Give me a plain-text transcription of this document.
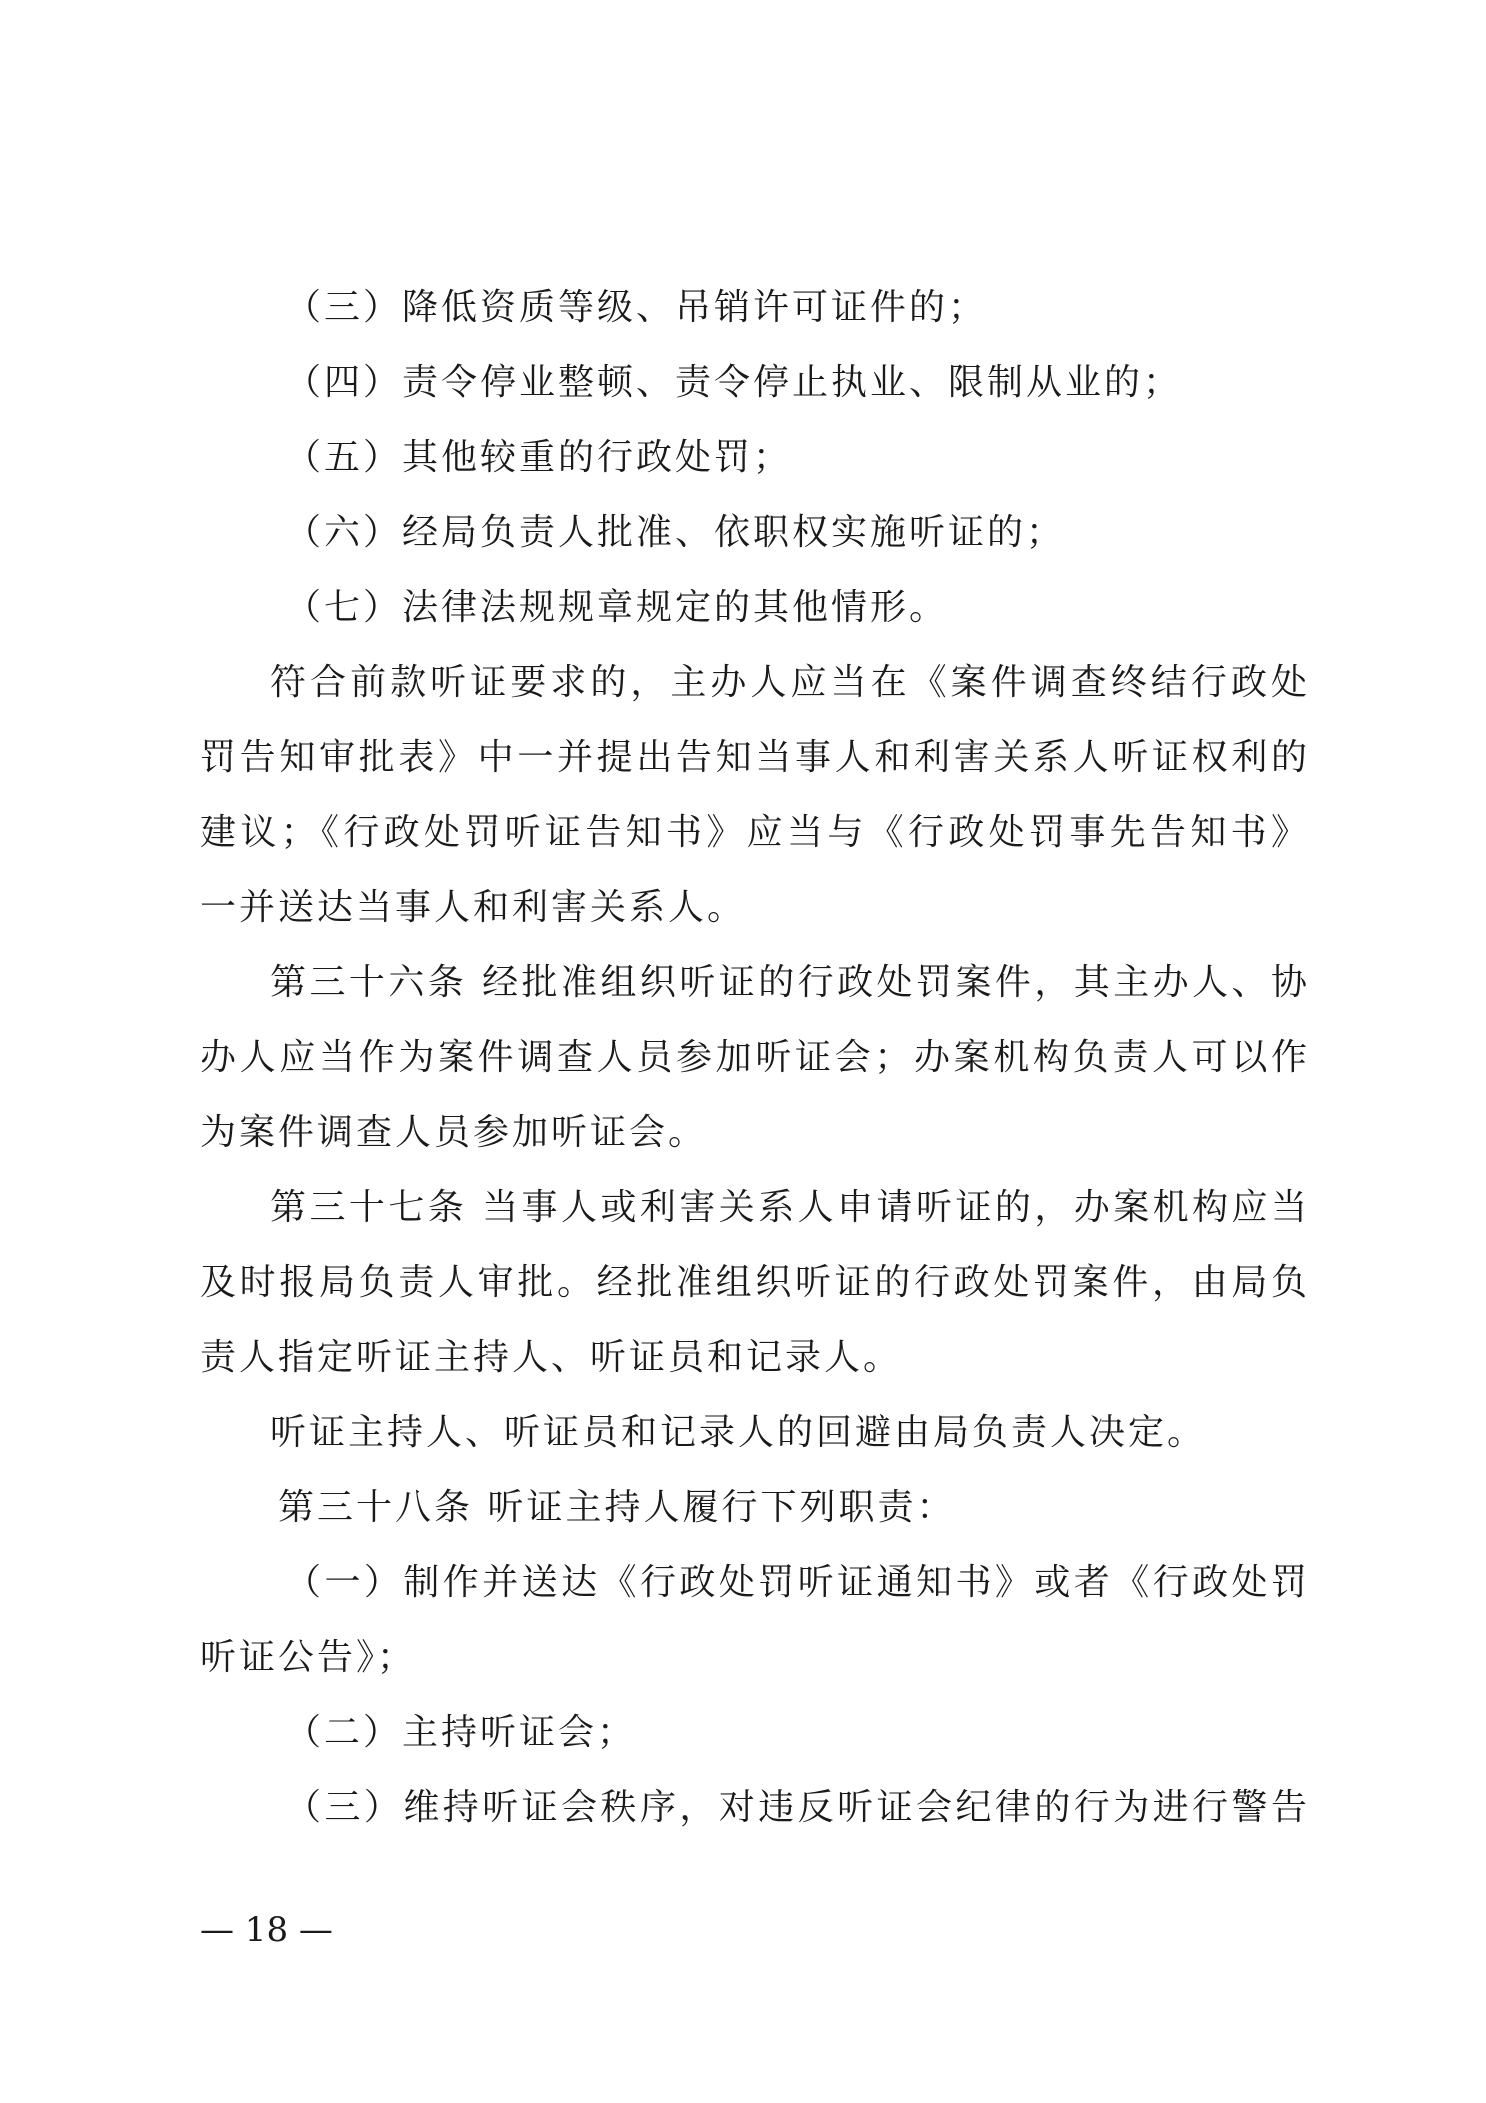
（三）降低资质等级、吊销许可证件的；
（四）责令停业整顿、责令停止执业、限制从业的；
（五）其他较重的行政处罚；
（六）经局负责人批准、依职权实施听证的；
（七）法律法规规章规定的其他情形。
符合前款听证要求的，主办人应当在《案件调查终结行政处
罚告知审批表》中一并提出告知当事人和利害关系人听证权利的
建议；《行政处罚听证告知书》应当与《行政处罚事先告知书》
一并送达当事人和利害关系人。
第三十六条 经批准组织听证的行政处罚案件，其主办人、协
办人应当作为案件调查人员参加听证会；办案机构负责人可以作
为案件调查人员参加听证会。
第三十七条 当事人或利害关系人申请听证的，办案机构应当
及时报局负责人审批。经批准组织听证的行政处罚案件，由局负
责人指定听证主持人、听证员和记录人。
听证主持人、听证员和记录人的回避由局负责人决定。
第三十八条 听证主持人履行下列职责：
（一）制作并送达《行政处罚听证通知书》或者《行政处罚
听证公告》；
（二）主持听证会；
（三）维持听证会秩序，对违反听证会纪律的行为进行警告
— 18 —
